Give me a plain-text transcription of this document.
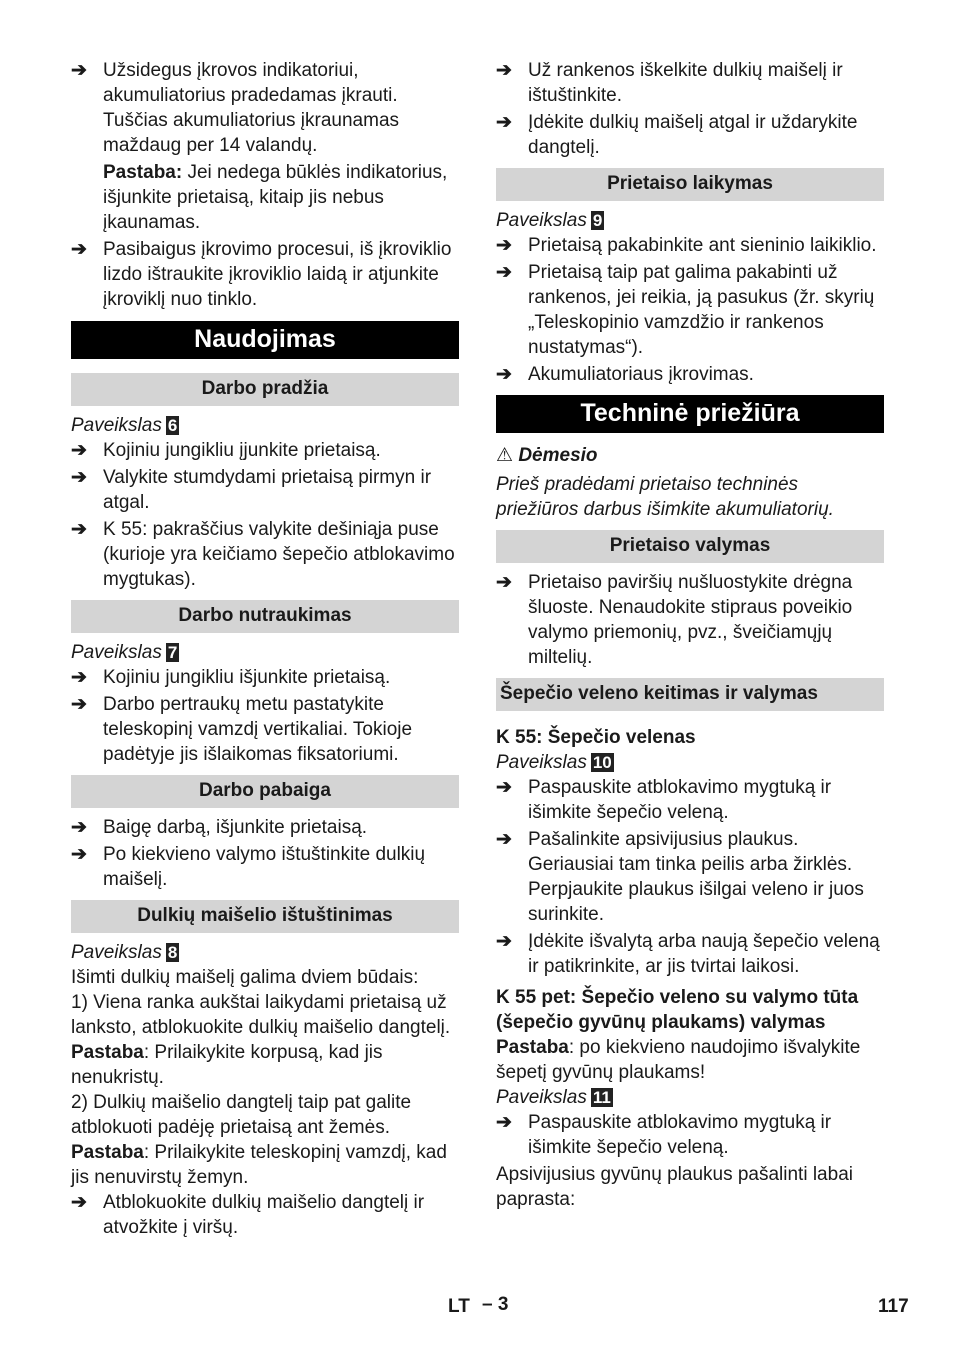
➔ Užsidegus įkrovos indikatoriui, akumuliatorius pradedamas įkrauti. Tuščias akumuliatorius įkraunamas maždaug per 14 valandų.

Pastaba: Jei nedega būklės indikatorius, išjunkite prietaisą, kitaip jis nebus įkaunamas.

➔ Pasibaigus įkrovimo procesui, iš įkroviklio lizdo ištraukite įkroviklio laidą ir atjunkite įkroviklį nuo tinklo.
Naudojimas
Darbo pradžia
Paveikslas 6
➔ Kojiniu jungikliu įjunkite prietaisą.
➔ Valykite stumdydami prietaisą pirmyn ir atgal.
➔ K 55: pakraščius valykite dešiniąja puse (kurioje yra keičiamo šepečio atblokavimo mygtukas).
Darbo nutraukimas
Paveikslas 7
➔ Kojiniu jungikliu išjunkite prietaisą.
➔ Darbo pertraukų metu pastatykite teleskopinį vamzdį vertikaliai. Tokioje padėtyje jis išlaikomas fiksatoriumi.
Darbo pabaiga
➔ Baigę darbą, išjunkite prietaisą.
➔ Po kiekvieno valymo ištuštinkite dulkių maišelį.
Dulkių maišelio ištuštinimas
Paveikslas 8

Išimti dulkių maišelį galima dviem būdais:

1) Viena ranka aukštai laikydami prietaisą už lanksto, atblokuokite dulkių maišelio dangtelį. Pastaba: Prilaikykite korpusą, kad jis nenukristų.

2) Dulkių maišelio dangtelį taip pat galite atblokuoti padėję prietaisą ant žemės.

Pastaba: Prilaikykite teleskopinį vamzdį, kad jis nenuvirstų žemyn.

➔ Atblokuokite dulkių maišelio dangtelį ir atvožkite į viršų.
➔ Už rankenos iškelkite dulkių maišelį ir ištuštinkite.
➔ Įdėkite dulkių maišelį atgal ir uždarykite dangtelį.
Prietaiso laikymas
Paveikslas 9
➔ Prietaisą pakabinkite ant sieninio laikiklio.
➔ Prietaisą taip pat galima pakabinti už rankenos, jei reikia, ją pasukus (žr. skyrių „Teleskopinio vamzdžio ir rankenos nustatymas“).
➔ Akumuliatoriaus įkrovimas.
Techninė priežiūra

⚠ Dėmesio

Prieš pradėdami prietaiso techninės priežiūros darbus išimkite akumuliatorių.

Prietaiso valymas
➔ Prietaiso paviršių nušluostykite drėgna šluoste. Nenaudokite stipraus poveikio valymo priemonių, pvz., šveičiamųjų miltelių.
Šepečio veleno keitimas ir valymas

K 55: Šepečio velenas

Paveikslas 10
➔ Paspauskite atblokavimo mygtuką ir išimkite šepečio veleną.
➔ Pašalinkite apsivijusius plaukus. Geriausiai tam tinka peilis arba žirklės. Perpjaukite plaukus išilgai veleno ir juos surinkite.
➔ Įdėkite išvalytą arba naują šepečio veleną ir patikrinkite, ar jis tvirtai laikosi.

K 55 pet: Šepečio veleno su valymo tūta (šepečio gyvūnų plaukams) valymas

Pastaba: po kiekvieno naudojimo išvalykite šepetį gyvūnų plaukams!

Paveikslas 11
➔ Paspauskite atblokavimo mygtuką ir išimkite šepečio veleną.

Apsivijusius gyvūnų plaukus pašalinti labai paprasta:

LT – 3	117
